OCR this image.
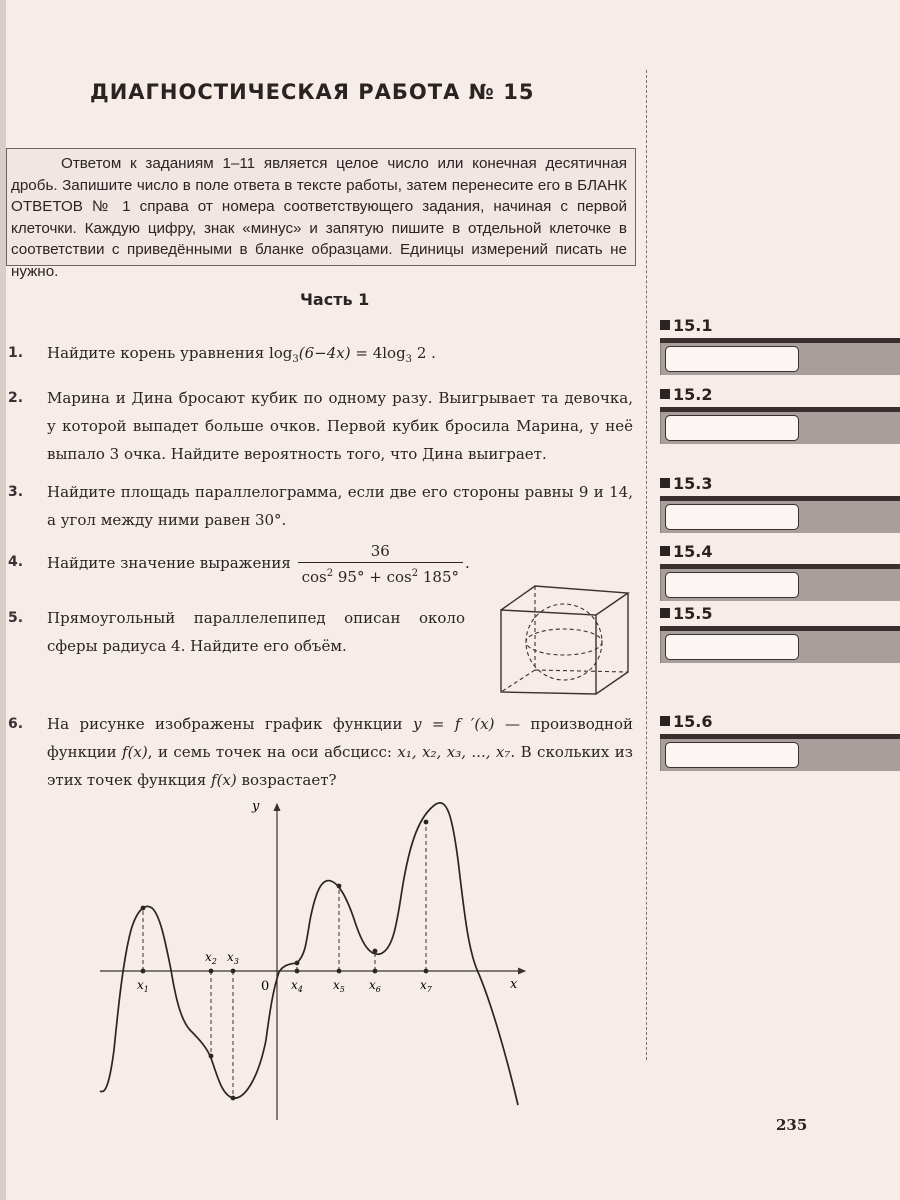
ДИАГНОСТИЧЕСКАЯ РАБОТА № 15
Ответом к заданиям 1–11 является целое число или конечная десятичная дробь. Запишите число в поле ответа в тексте работы, затем перенесите его в БЛАНК ОТВЕТОВ № 1 справа от номера соответствующего задания, начиная с первой клеточки. Каждую цифру, знак «минус» и запятую пишите в отдельной клеточке в соответствии с приведёнными в бланке образцами. Единицы измерений писать не нужно.
Часть 1
1. Найдите корень уравнения $\log_3(6-4x) = 4\log_3$ 2 .
2. Марина и Дина бросают кубик по одному разу. Выигрывает та девочка, у которой выпадет больше очков. Первой кубик бросила Марина, у неё выпало 3 очка. Найдите вероятность того, что Дина выиграет.
3. Найдите площадь параллелограмма, если две его стороны равны 9 и 14, а угол между ними равен 30°.
4. Найдите значение выражения $\frac{36}{\cos^2 95^\circ + \cos^2 185^\circ}$ .
5. Прямоугольный параллелепипед описан около сферы радиуса 4. Найдите его объём.
6. На рисунке изображены график функции y = f ′(x) — производной функции f(x), и семь точек на оси абсцисс: x₁, x₂, x₃, ..., x₇. В скольких из этих точек функция f(x) возрастает?
x
y
0
$x_1$
$x_2$ $x_3$
$x_4$	$x_5$ $x_6$	$x_7$
15.1
15.2
15.3
15.4
15.5
15.6
235
